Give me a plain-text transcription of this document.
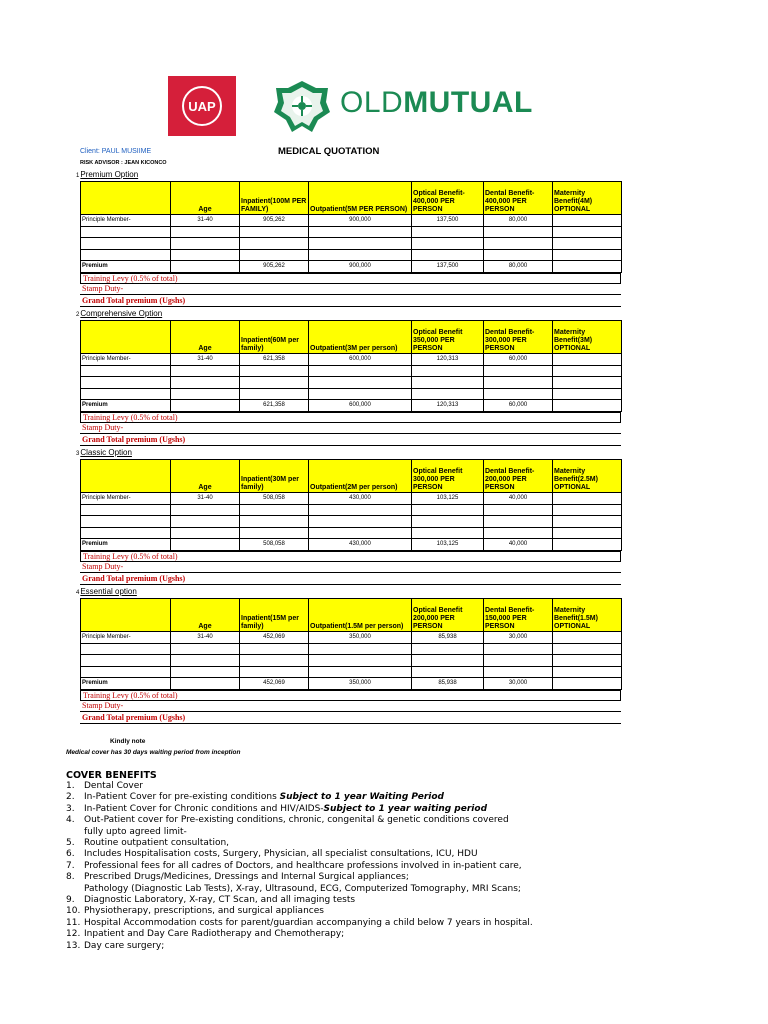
UAP	OLDMUTUAL
Client: PAUL MUSIIME
RISK ADVISOR : JEAN KICONCO
MEDICAL QUOTATION
1Premium Option
	Age	Inpatient(100M PER FAMILY)	Outpatient(5M PER PERSON)	Optical Benefit-400,000 PER PERSON	Dental Benefit-400,000 PER PERSON	Maternity Benefit(4M) OPTIONAL
Principle Member-	31-40	905,262	900,000	137,500	80,000	

Premium		905,262	900,000	137,500	80,000	
Training Levy (0.5% of total)
Stamp Duty-
Grand Total premium (Ugshs)
2Comprehensive Option
	Age	Inpatient(60M per family)	Outpatient(3M per person)	Optical Benefit 350,000 PER PERSON	Dental Benefit-300,000 PER PERSON	Maternity Benefit(3M) OPTIONAL
Principle Member-	31-40	621,358	600,000	120,313	60,000	

Premium		621,358	600,000	120,313	60,000	
Training Levy (0.5% of total)
Stamp Duty-
Grand Total premium (Ugshs)
3Classic Option
	Age	Inpatient(30M per family)	Outpatient(2M per person)	Optical Benefit 300,000 PER PERSON	Dental Benefit-200,000 PER PERSON	Maternity Benefit(2.5M) OPTIONAL
Principle Member-	31-40	508,058	430,000	103,125	40,000	

Premium		508,058	430,000	103,125	40,000	
Training Levy (0.5% of total)
Stamp Duty-
Grand Total premium (Ugshs)
4Essential option
	Age	Inpatient(15M per family)	Outpatient(1.5M per person)	Optical Benefit 200,000 PER PERSON	Dental Benefit-150,000 PER PERSON	Maternity Benefit(1.5M) OPTIONAL
Principle Member-	31-40	452,069	350,000	85,938	30,000	

Premium		452,069	350,000	85,938	30,000	
Training Levy (0.5% of total)
Stamp Duty-
Grand Total premium (Ugshs)
Kindly note
Medical cover has 30 days waiting period from inception
COVER BENEFITS
1. Dental Cover
2. In-Patient Cover for pre-existing conditions Subject to 1 year Waiting Period
3. In-Patient Cover for Chronic conditions and HIV/AIDS-Subject to 1 year waiting period
4. Out-Patient cover for Pre-existing conditions, chronic, congenital & genetic conditions covered
fully upto agreed limit-
5. Routine outpatient consultation,
6. Includes Hospitalisation costs, Surgery, Physician, all specialist consultations, ICU, HDU
7. Professional fees for all cadres of Doctors, and healthcare professions involved in in-patient care,
8. Prescribed Drugs/Medicines, Dressings and Internal Surgical appliances;
Pathology (Diagnostic Lab Tests), X-ray, Ultrasound, ECG, Computerized Tomography, MRI Scans;
9. Diagnostic Laboratory, X-ray, CT Scan, and all imaging tests
10. Physiotherapy, prescriptions, and surgical appliances
11. Hospital Accommodation costs for parent/guardian accompanying a child below 7 years in hospital.
12. Inpatient and Day Care Radiotherapy and Chemotherapy;
13. Day care surgery;
